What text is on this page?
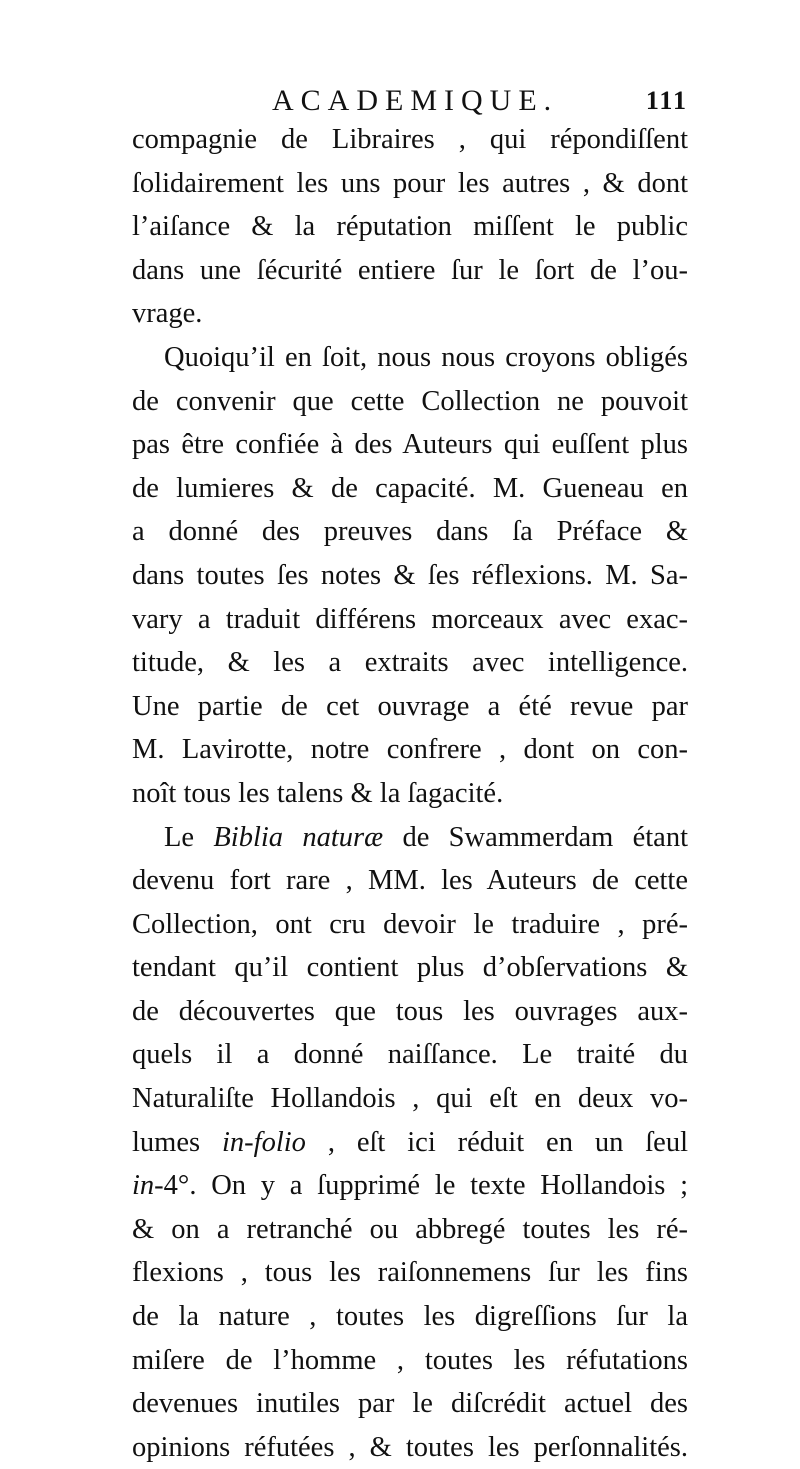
ACADEMIQUE.	111
compagnie de Libraires , qui répondiſſent
ſolidairement les uns pour les autres , & dont
l’aiſance & la réputation miſſent le public
dans une ſécurité entiere ſur le ſort de l’ou-
vrage.
Quoiqu’il en ſoit, nous nous croyons obligés
de convenir que cette Collection ne pouvoit
pas être confiée à des Auteurs qui euſſent plus
de lumieres & de capacité. M. Gueneau en
a donné des preuves dans ſa Préface &
dans toutes ſes notes & ſes réflexions. M. Sa-
vary a traduit différens morceaux avec exac-
titude, & les a extraits avec intelligence.
Une partie de cet ouvrage a été revue par
M. Lavirotte, notre confrere , dont on con-
noît tous les talens & la ſagacité.
Le Biblia naturæ de Swammerdam étant
devenu fort rare , MM. les Auteurs de cette
Collection, ont cru devoir le traduire , pré-
tendant qu’il contient plus d’obſervations &
de découvertes que tous les ouvrages aux-
quels il a donné naiſſance. Le traité du
Naturaliſte Hollandois , qui eſt en deux vo-
lumes in-folio , eſt ici réduit en un ſeul
in-4°. On y a ſupprimé le texte Hollandois ;
& on a retranché ou abbregé toutes les ré-
flexions , tous les raiſonnemens ſur les fins
de la nature , toutes les digreſſions ſur la
miſere de l’homme , toutes les réfutations
devenues inutiles par le diſcrédit actuel des
opinions réfutées , & toutes les perſonnalités.
